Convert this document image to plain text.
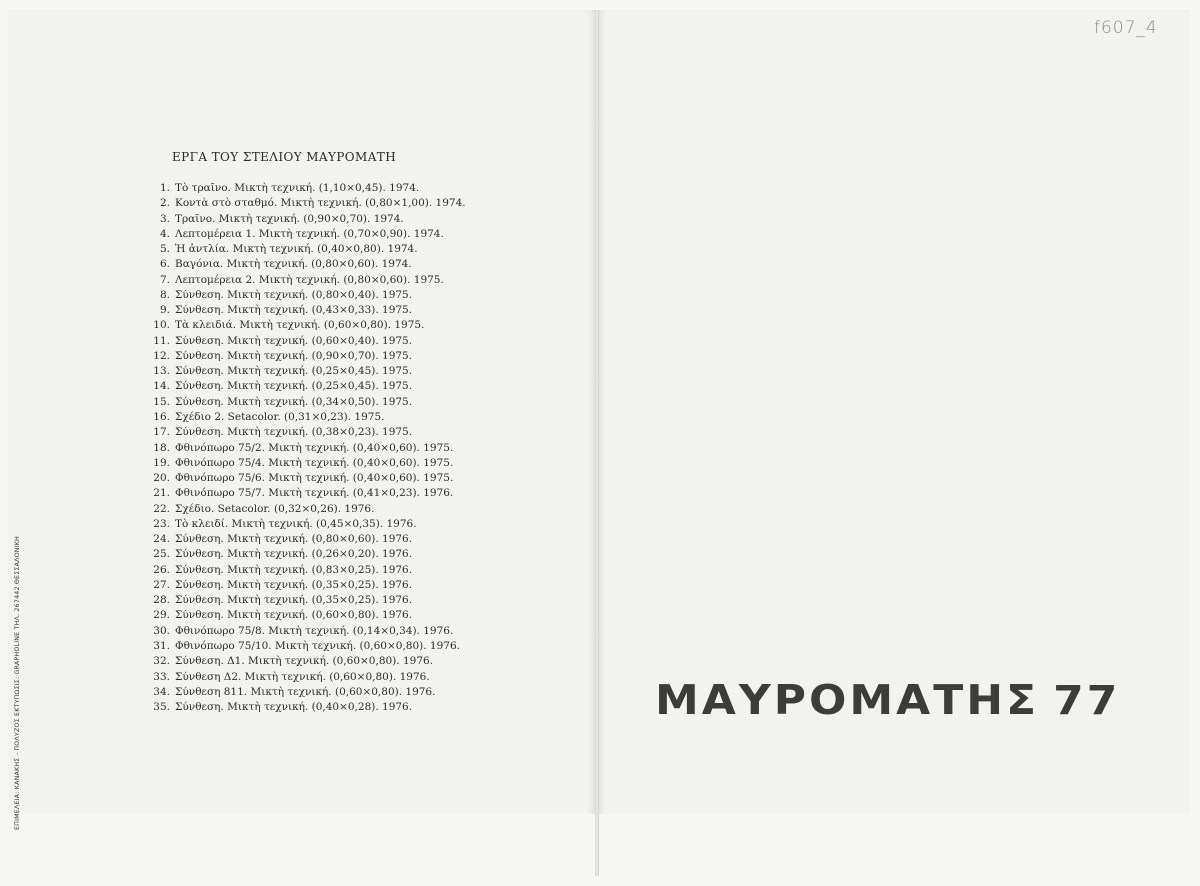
ΕΡΓΑ ΤΟΥ ΣΤΕΛΙΟΥ ΜΑΥΡΟΜΑΤΗ
1. Τὸ τραῖνο. Μικτὴ τεχνική. (1,10×0,45). 1974.
2. Κοντὰ στὸ σταθμό. Μικτὴ τεχνική. (0,80×1,00). 1974.
3. Τραῖνο. Μικτὴ τεχνική. (0,90×0,70). 1974.
4. Λεπτομέρεια 1. Μικτὴ τεχνική. (0,70×0,90). 1974.
5. Ἡ ἀντλία. Μικτὴ τεχνική. (0,40×0,80). 1974.
6. Βαγόνια. Μικτὴ τεχνική. (0,80×0,60). 1974.
7. Λεπτομέρεια 2. Μικτὴ τεχνική. (0,80×0,60). 1975.
8. Σύνθεση. Μικτὴ τεχνική. (0,80×0,40). 1975.
9. Σύνθεση. Μικτὴ τεχνική. (0,43×0,33). 1975.
10. Τὰ κλειδιά. Μικτὴ τεχνική. (0,60×0,80). 1975.
11. Σύνθεση. Μικτὴ τεχνική. (0,60×0,40). 1975.
12. Σύνθεση. Μικτὴ τεχνική. (0,90×0,70). 1975.
13. Σύνθεση. Μικτὴ τεχνική. (0,25×0,45). 1975.
14. Σύνθεση. Μικτὴ τεχνική. (0,25×0,45). 1975.
15. Σύνθεση. Μικτὴ τεχνική. (0,34×0,50). 1975.
16. Σχέδιο 2. Setacolor. (0,31×0,23). 1975.
17. Σύνθεση. Μικτὴ τεχνική. (0,38×0,23). 1975.
18. Φθινόπωρο 75/2. Μικτὴ τεχνική. (0,40×0,60). 1975.
19. Φθινόπωρο 75/4. Μικτὴ τεχνική. (0,40×0,60). 1975.
20. Φθινόπωρο 75/6. Μικτὴ τεχνική. (0,40×0,60). 1975.
21. Φθινόπωρο 75/7. Μικτὴ τεχνική. (0,41×0,23). 1976.
22. Σχέδιο. Setacolor. (0,32×0,26). 1976.
23. Τὸ κλειδί. Μικτὴ τεχνική. (0,45×0,35). 1976.
24. Σύνθεση. Μικτὴ τεχνική. (0,80×0,60). 1976.
25. Σύνθεση. Μικτὴ τεχνική. (0,26×0,20). 1976.
26. Σύνθεση. Μικτὴ τεχνική. (0,83×0,25). 1976.
27. Σύνθεση. Μικτὴ τεχνική. (0,35×0,25). 1976.
28. Σύνθεση. Μικτὴ τεχνική. (0,35×0,25). 1976.
29. Σύνθεση. Μικτὴ τεχνική. (0,60×0,80). 1976.
30. Φθινόπωρο 75/8. Μικτὴ τεχνική. (0,14×0,34). 1976.
31. Φθινόπωρο 75/10. Μικτὴ τεχνική. (0,60×0,80). 1976.
32. Σύνθεση. Δ1. Μικτὴ τεχνική. (0,60×0,80). 1976.
33. Σύνθεση Δ2. Μικτὴ τεχνική. (0,60×0,80). 1976.
34. Σύνθεση 811. Μικτὴ τεχνική. (0,60×0,80). 1976.
35. Σύνθεση. Μικτὴ τεχνική. (0,40×0,28). 1976.
ΕΠΙΜΕΛΕΙΑ: ΚΑΝΑΚΗΣ - ΠΟΛΥΖΟΣ ΕΚΤΥΠΩΣΙΣ: GRAPHOLINE ΤΗΛ. 267442 ΘΕΣΣΑΛΟΝΙΚΗ
f607_4
ΜΑΥΡΟΜΑΤΗΣ 77
